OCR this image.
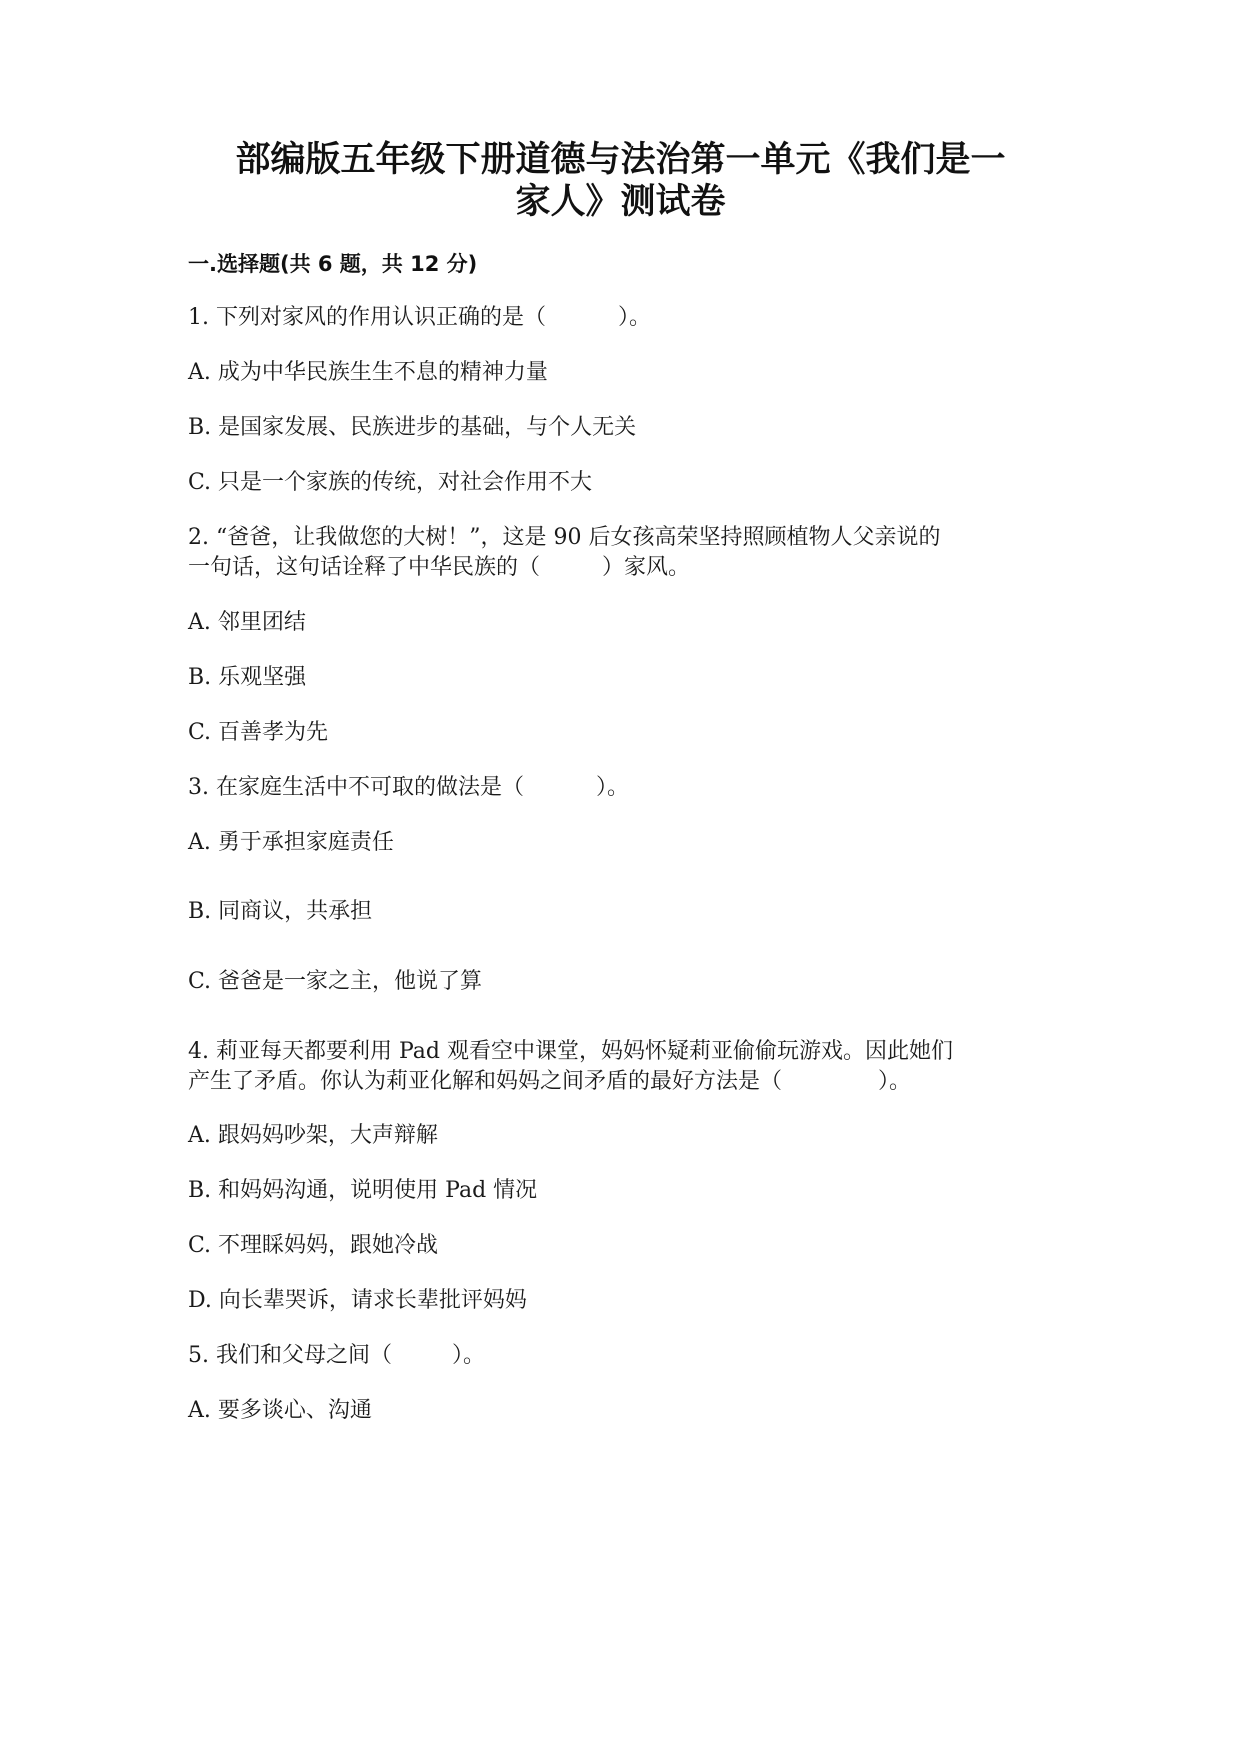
部编版五年级下册道德与法治第一单元《我们是一
家人》测试卷
一.选择题(共 6 题，共 12 分)
1. 下列对家风的作用认识正确的是（	）。
A. 成为中华民族生生不息的精神力量
B. 是国家发展、民族进步的基础，与个人无关
C. 只是一个家族的传统，对社会作用不大
2. “爸爸，让我做您的大树！”，这是 90 后女孩高荣坚持照顾植物人父亲说的
一句话，这句话诠释了中华民族的（	）家风。
A. 邻里团结
B. 乐观坚强
C. 百善孝为先
3. 在家庭生活中不可取的做法是（	）。
A. 勇于承担家庭责任
B. 同商议，共承担
C. 爸爸是一家之主，他说了算
4. 莉亚每天都要利用 Pad 观看空中课堂，妈妈怀疑莉亚偷偷玩游戏。因此她们
产生了矛盾。你认为莉亚化解和妈妈之间矛盾的最好方法是（	）。
A. 跟妈妈吵架，大声辩解
B. 和妈妈沟通，说明使用 Pad 情况
C. 不理睬妈妈，跟她冷战
D. 向长辈哭诉，请求长辈批评妈妈
5. 我们和父母之间（	）。
A. 要多谈心、沟通
